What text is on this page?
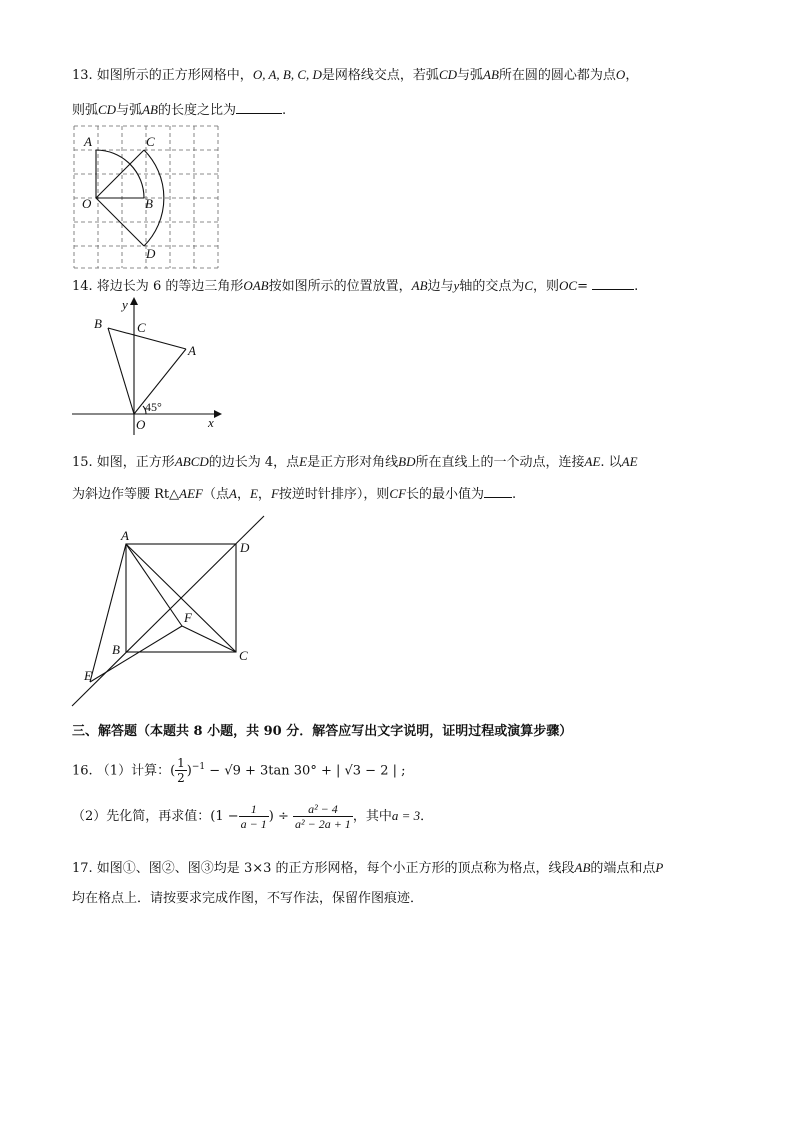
13. 如图所示的正方形网格中，O, A, B, C, D是网格线交点，若弧CD与弧AB所在圆的圆心都为点O，
则弧CD与弧AB的长度之比为	.
A	C
O	B
D
14. 将边长为 6 的等边三角形OAB按如图所示的位置放置，AB边与y轴的交点为C，则OC=	.
y
B	C
A
45°
O	x
15. 如图，正方形ABCD的边长为 4，点E是正方形对角线BD所在直线上的一个动点，连接AE. 以AE
为斜边作等腰 Rt△AEF（点A，E，F按逆时针排序），则CF长的最小值为 .
A
D
F
B	C
E
三、解答题（本题共 8 小题，共 90 分．解答应写出文字说明，证明过程或演算步骤）
16. （1）计算：( $\frac{1}{2} )^{-1} - √9 + 3\tan$ 30° + | √3 − 2 | ;
（2）先化简，再求值：($1 - \frac{1}{a - 1}$ ) ÷ $\frac{\text{a² − 4}}{\text{a² − 2a + 1}}$ ，其中a = 3．
17. 如图①、图②、图③均是 3×3 的正方形网格，每个小正方形的顶点称为格点，线段AB的端点和点P
均在格点上．请按要求完成作图，不写作法，保留作图痕迹．
